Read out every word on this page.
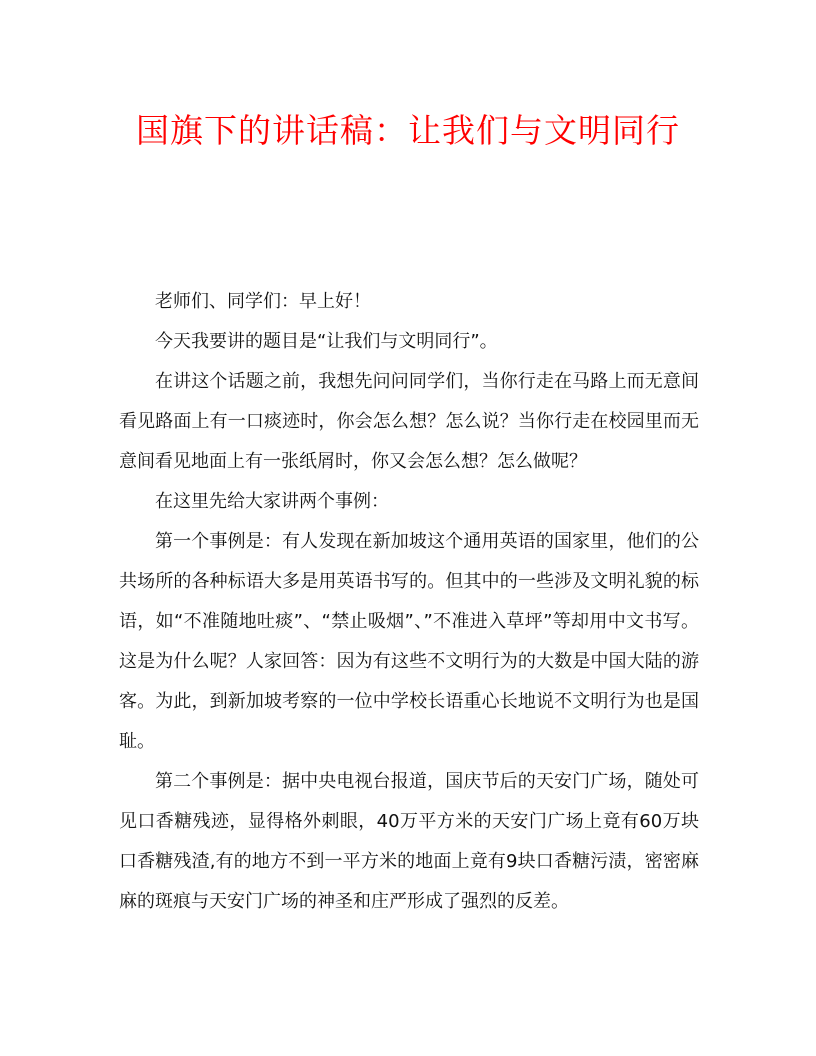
国旗下的讲话稿：让我们与文明同行

老师们、同学们：早上好！

今天我要讲的题目是“让我们与文明同行”。

在讲这个话题之前，我想先问问同学们，当你行走在马路上而无意间看见路面上有一口痰迹时，你会怎么想？怎么说？当你行走在校园里而无意间看见地面上有一张纸屑时，你又会怎么想？怎么做呢？

在这里先给大家讲两个事例：

第一个事例是：有人发现在新加坡这个通用英语的国家里，他们的公共场所的各种标语大多是用英语书写的。但其中的一些涉及文明礼貌的标语，如“不准随地吐痰”、“禁止吸烟”、”不准进入草坪”等却用中文书写。这是为什么呢？人家回答：因为有这些不文明行为的大数是中国大陆的游客。为此，到新加坡考察的一位中学校长语重心长地说不文明行为也是国耻。

第二个事例是：据中央电视台报道，国庆节后的天安门广场，随处可见口香糖残迹，显得格外刺眼，40万平方米的天安门广场上竟有60万块口香糖残渣,有的地方不到一平方米的地面上竟有9块口香糖污渍，密密麻麻的斑痕与天安门广场的神圣和庄严形成了强烈的反差。
